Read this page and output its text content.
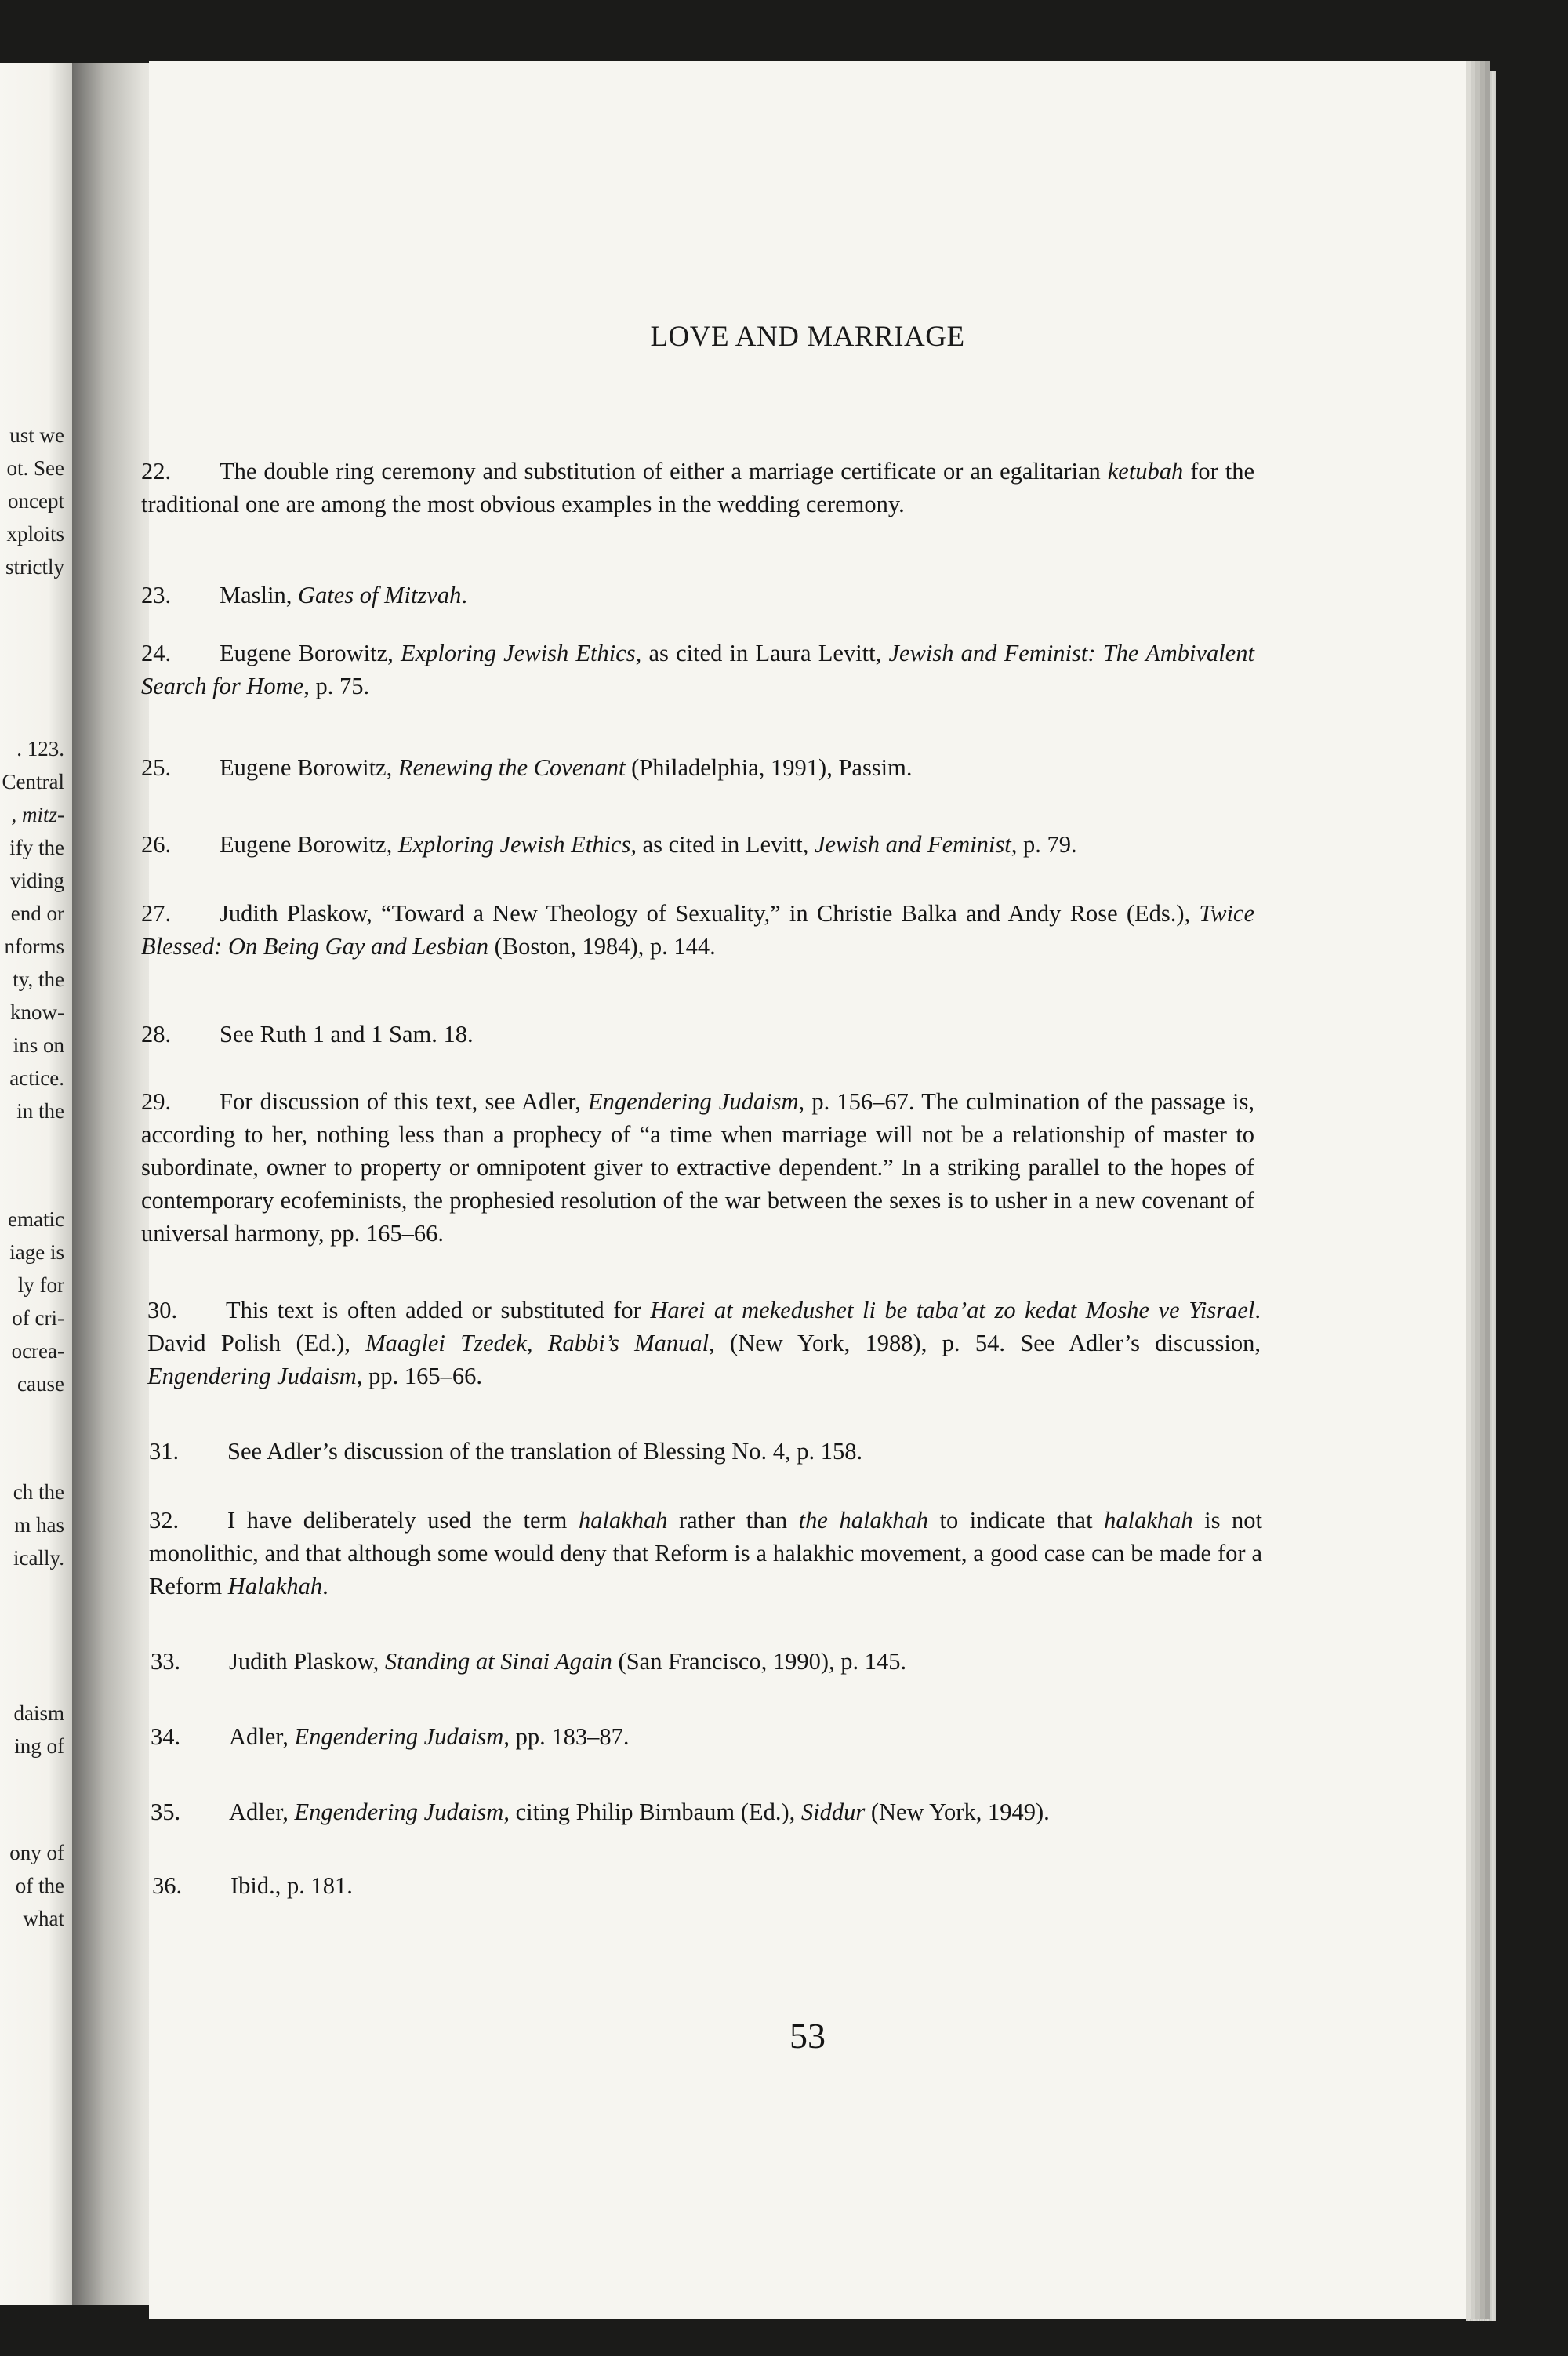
ust we
ot. See
oncept
xploits
strictly
. 123.
Central
, mitz-
ify the
viding
end or
nforms
ty, the
know-
ins on
actice.
in the
ematic
iage is
ly for
of cri-
ocrea-
cause
ch the
m has
ically.
daism
ing of
ony of
of the
what
LOVE AND MARRIAGE
22. The double ring ceremony and substitution of either a marriage certificate or an egalitarian ketubah for the traditional one are among the most obvious examples in the wedding ceremony.
23. Maslin, Gates of Mitzvah.
24. Eugene Borowitz, Exploring Jewish Ethics, as cited in Laura Levitt, Jewish and Feminist: The Ambivalent Search for Home, p. 75.
25. Eugene Borowitz, Renewing the Covenant (Philadelphia, 1991), Passim.
26. Eugene Borowitz, Exploring Jewish Ethics, as cited in Levitt, Jewish and Feminist, p. 79.
27. Judith Plaskow, “Toward a New Theology of Sexuality,” in Christie Balka and Andy Rose (Eds.), Twice Blessed: On Being Gay and Lesbian (Boston, 1984), p. 144.
28. See Ruth 1 and 1 Sam. 18.
29. For discussion of this text, see Adler, Engendering Judaism, p. 156–67. The culmination of the passage is, according to her, nothing less than a prophecy of “a time when marriage will not be a relationship of master to subordinate, owner to property or omnipotent giver to extractive dependent.” In a striking parallel to the hopes of contemporary ecofeminists, the prophesied resolution of the war between the sexes is to usher in a new covenant of universal harmony, pp. 165–66.
30. This text is often added or substituted for Harei at mekedushet li be taba’at zo kedat Moshe ve Yisrael. David Polish (Ed.), Maaglei Tzedek, Rabbi’s Manual, (New York, 1988), p. 54. See Adler’s discussion, Engendering Judaism, pp. 165–66.
31. See Adler’s discussion of the translation of Blessing No. 4, p. 158.
32. I have deliberately used the term halakhah rather than the halakhah to indicate that halakhah is not monolithic, and that although some would deny that Reform is a halakhic movement, a good case can be made for a Reform Halakhah.
33. Judith Plaskow, Standing at Sinai Again (San Francisco, 1990), p. 145.
34. Adler, Engendering Judaism, pp. 183–87.
35. Adler, Engendering Judaism, citing Philip Birnbaum (Ed.), Siddur (New York, 1949).
36. Ibid., p. 181.
53
